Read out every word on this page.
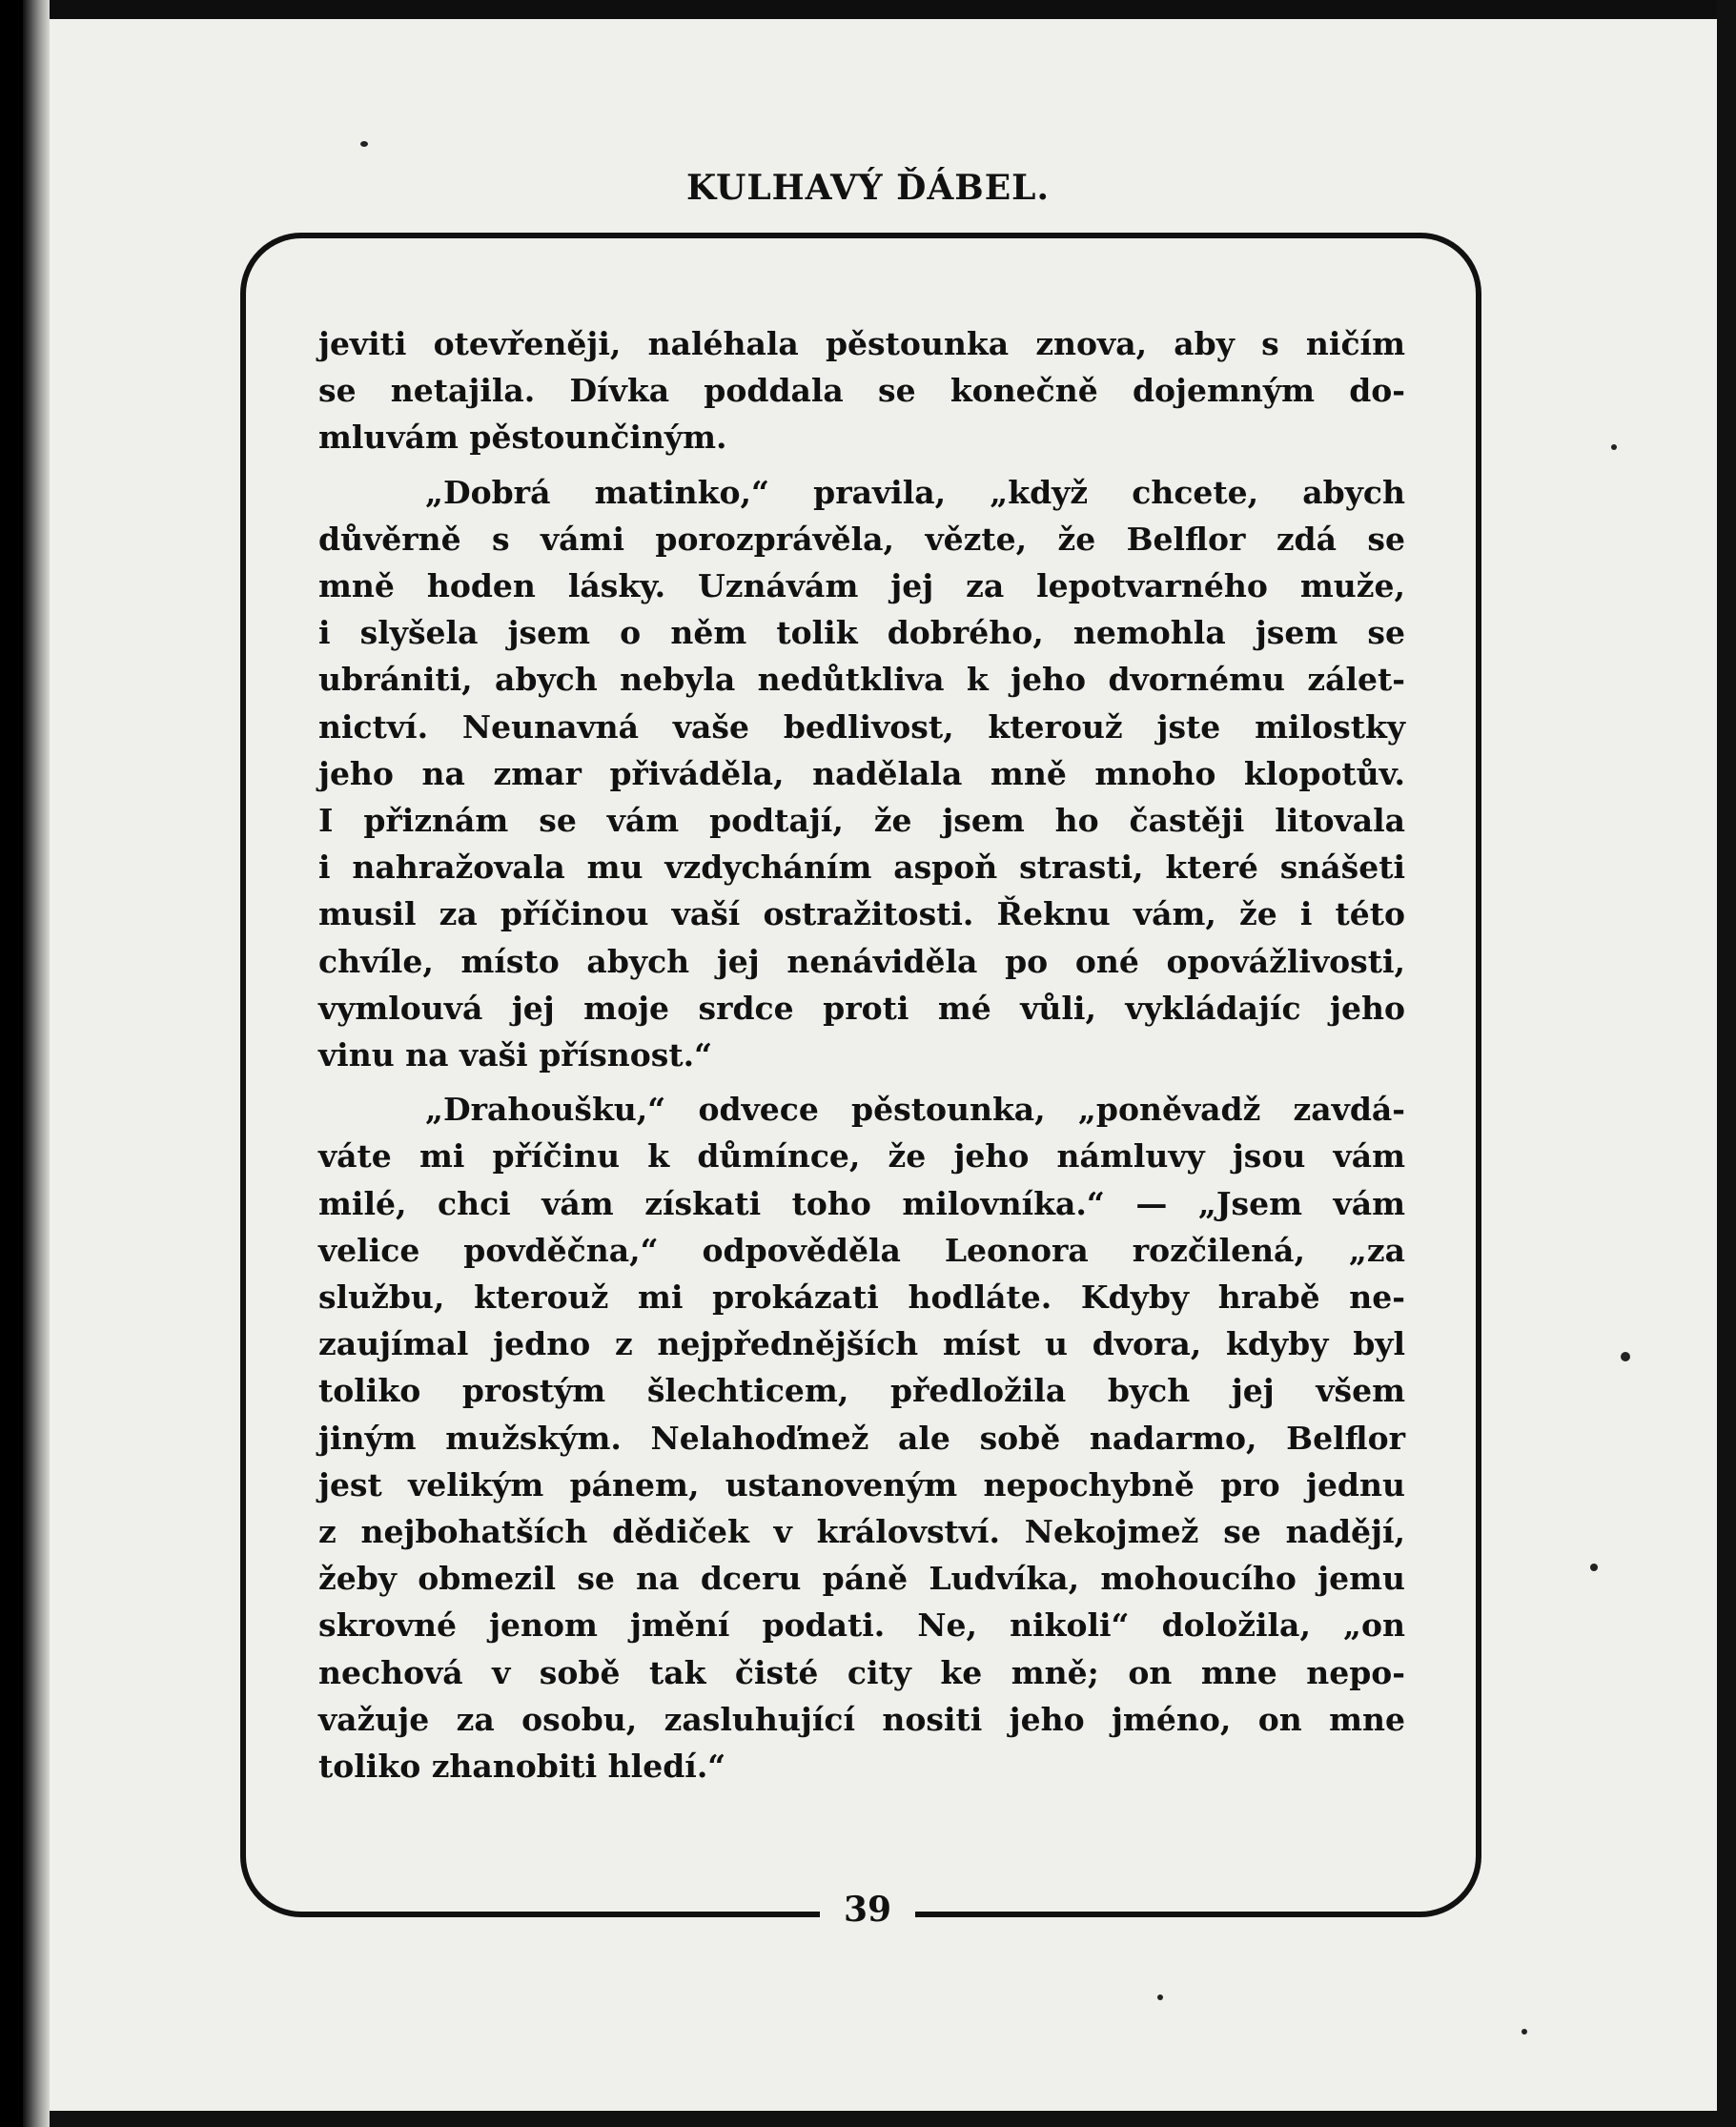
KULHAVÝ ĎÁBEL.
39
jeviti otevřeněji, naléhala pěstounka znova, aby s ničím
se netajila. Dívka poddala se konečně dojemným do-
mluvám pěstounčiným.
„Dobrá matinko,“ pravila, „když chcete, abych
důvěrně s vámi porozprávěla, vězte, že Belflor zdá se
mně hoden lásky. Uznávám jej za lepotvarného muže,
i slyšela jsem o něm tolik dobrého, nemohla jsem se
ubrániti, abych nebyla nedůtkliva k jeho dvornému zálet-
nictví. Neunavná vaše bedlivost, kterouž jste milostky
jeho na zmar přiváděla, nadělala mně mnoho klopotův.
I přiznám se vám podtají, že jsem ho častěji litovala
i nahražovala mu vzdycháním aspoň strasti, které snášeti
musil za příčinou vaší ostražitosti. Řeknu vám, že i této
chvíle, místo abych jej nenáviděla po oné opovážlivosti,
vymlouvá jej moje srdce proti mé vůli, vykládajíc jeho
vinu na vaši přísnost.“
„Drahoušku,“ odvece pěstounka, „poněvadž zavdá-
váte mi příčinu k důmínce, že jeho námluvy jsou vám
milé, chci vám získati toho milovníka.“ — „Jsem vám
velice povděčna,“ odpověděla Leonora rozčilená, „za
službu, kterouž mi prokázati hodláte. Kdyby hrabě ne-
zaujímal jedno z nejpřednějších míst u dvora, kdyby byl
toliko prostým šlechticem, předložila bych jej všem
jiným mužským. Nelahoďmež ale sobě nadarmo, Belflor
jest velikým pánem, ustanoveným nepochybně pro jednu
z nejbohatších dědiček v království. Nekojmež se nadějí,
žeby obmezil se na dceru páně Ludvíka, mohoucího jemu
skrovné jenom jmění podati. Ne, nikoli“ doložila, „on
nechová v sobě tak čisté city ke mně; on mne nepo-
važuje za osobu, zasluhující nositi jeho jméno, on mne
toliko zhanobiti hledí.“
